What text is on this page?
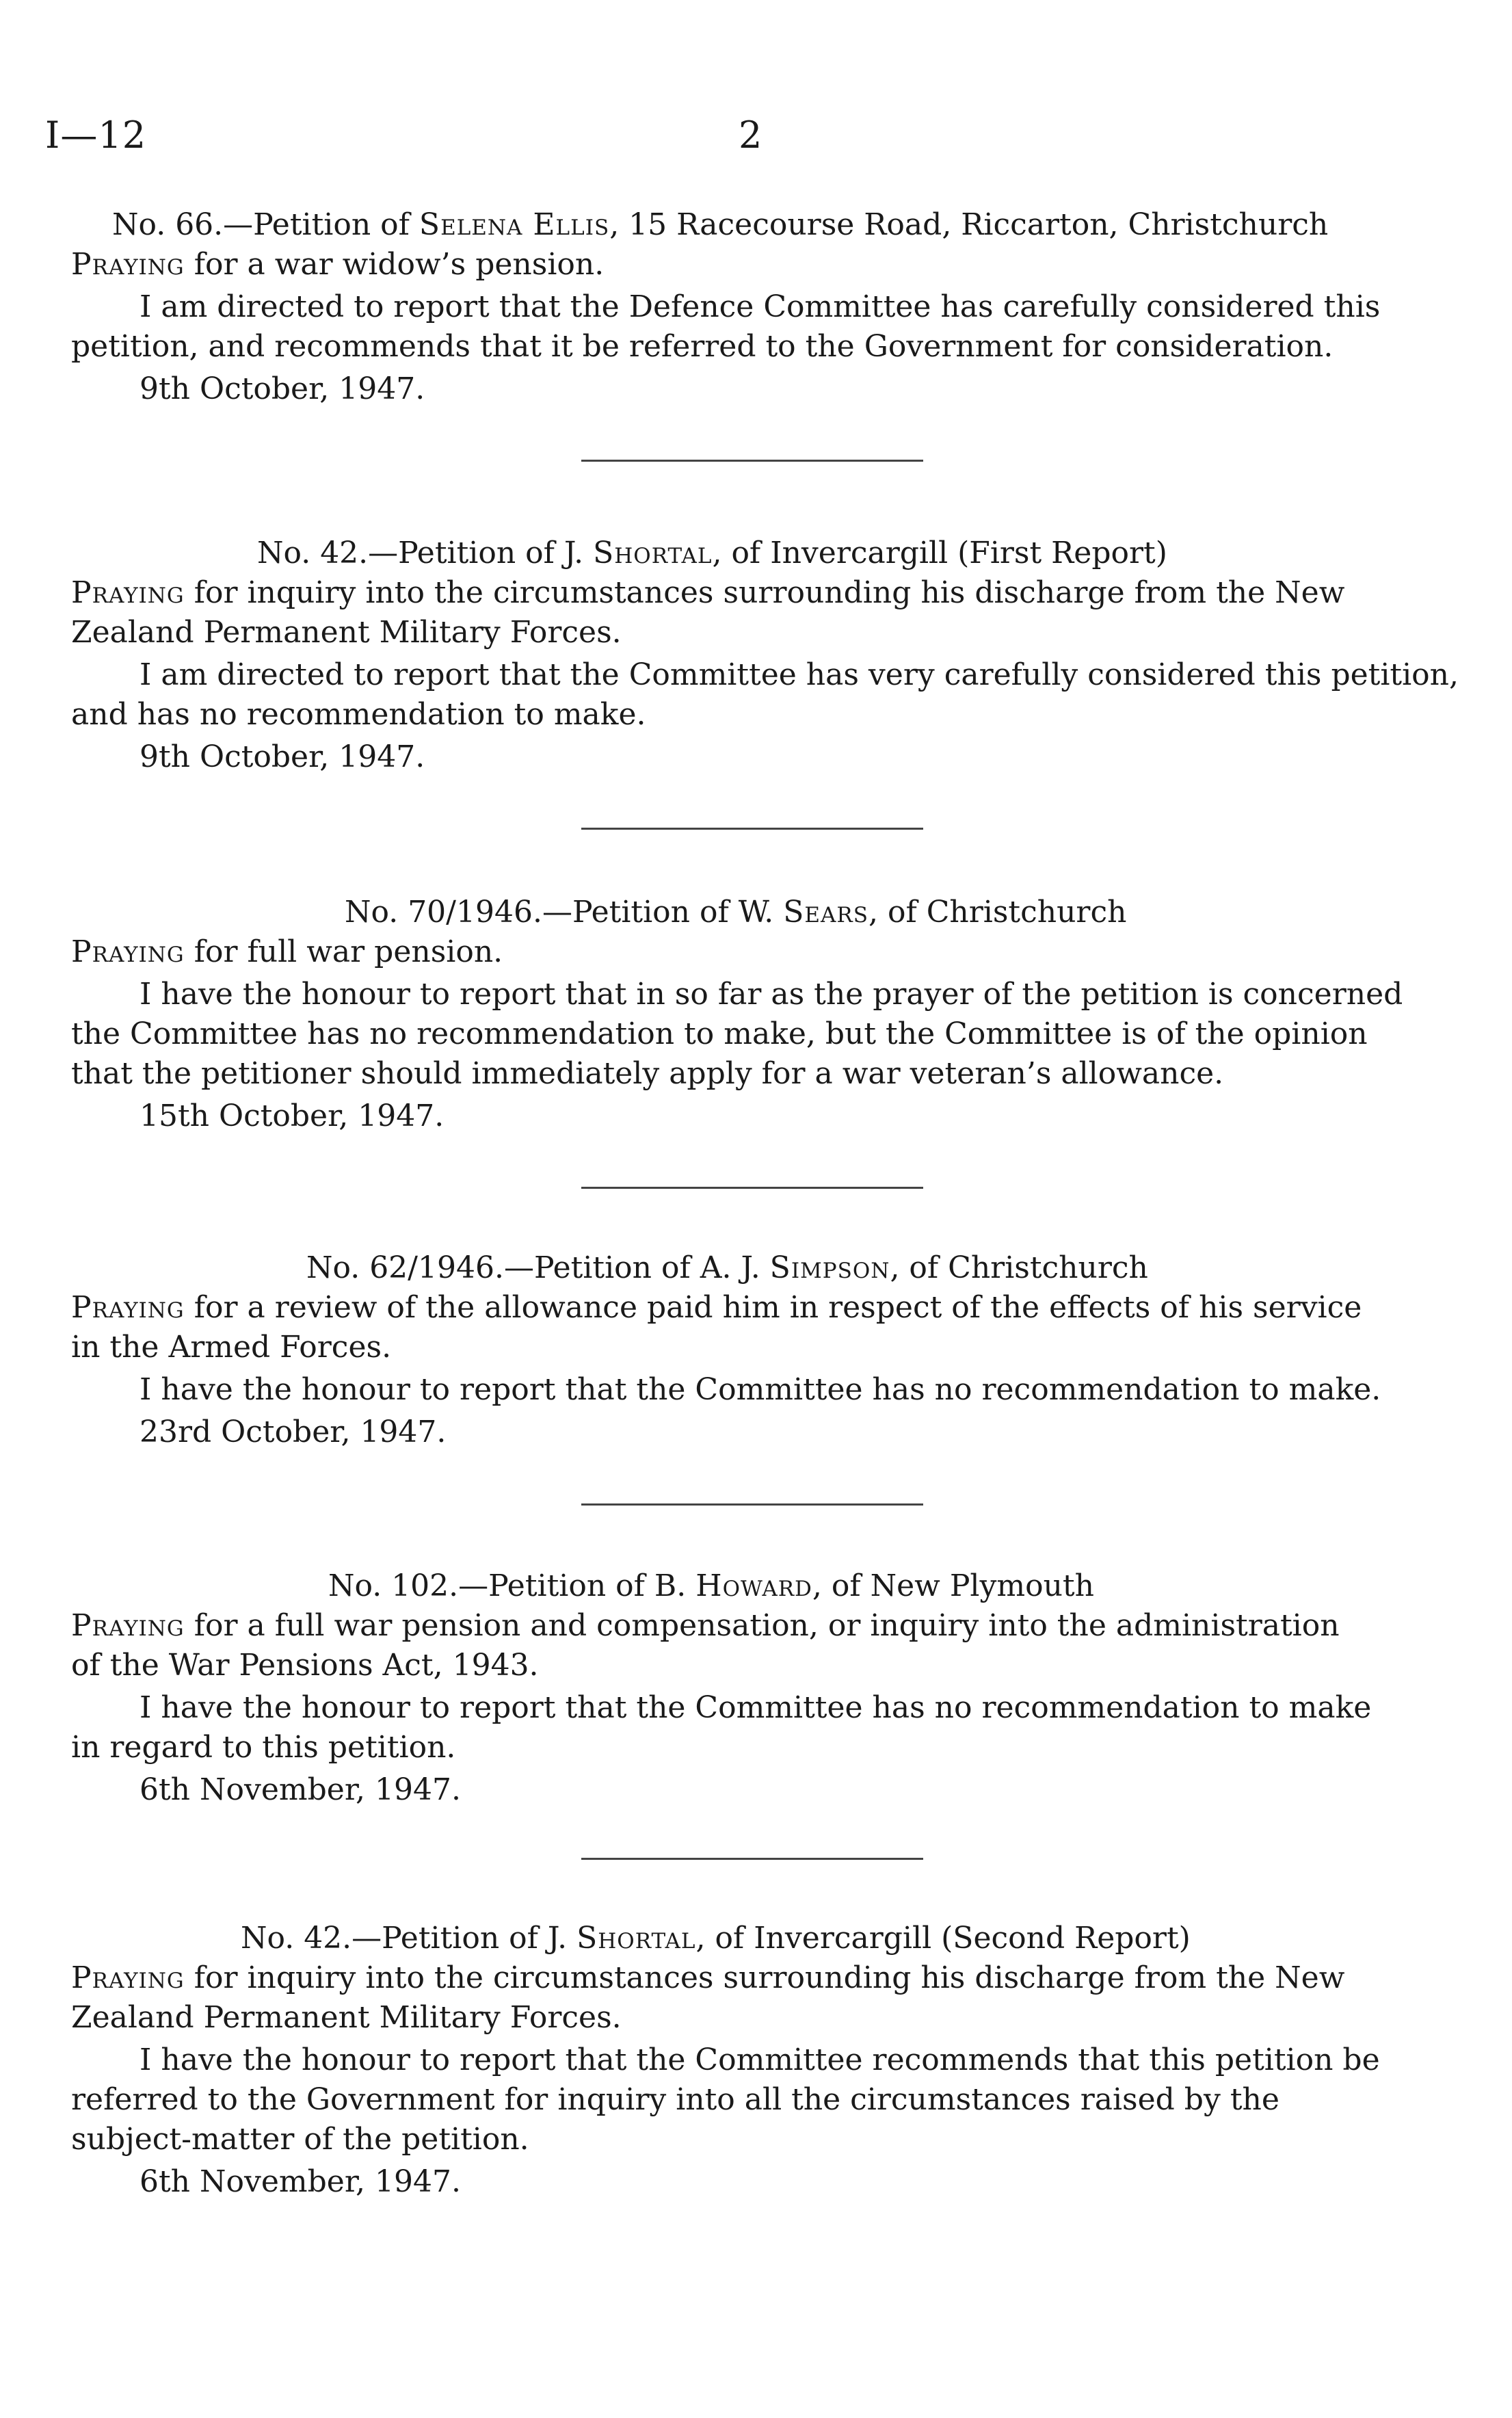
I—12	2
No. 66.—Petition of Selena Ellis, 15 Racecourse Road, Riccarton, Christchurch
Praying for a war widow’s pension.
I am directed to report that the Defence Committee has carefully considered this
petition, and recommends that it be referred to the Government for consideration.
9th October, 1947.
No. 42.—Petition of J. Shortal, of Invercargill (First Report)
Praying for inquiry into the circumstances surrounding his discharge from the New
Zealand Permanent Military Forces.
I am directed to report that the Committee has very carefully considered this petition,
and has no recommendation to make.
9th October, 1947.
No. 70/1946.—Petition of W. Sears, of Christchurch
Praying for full war pension.
I have the honour to report that in so far as the prayer of the petition is concerned
the Committee has no recommendation to make, but the Committee is of the opinion
that the petitioner should immediately apply for a war veteran’s allowance.
15th October, 1947.
No. 62/1946.—Petition of A. J. Simpson, of Christchurch
Praying for a review of the allowance paid him in respect of the effects of his service
in the Armed Forces.
I have the honour to report that the Committee has no recommendation to make.
23rd October, 1947.
No. 102.—Petition of B. Howard, of New Plymouth
Praying for a full war pension and compensation, or inquiry into the administration
of the War Pensions Act, 1943.
I have the honour to report that the Committee has no recommendation to make
in regard to this petition.
6th November, 1947.
No. 42.—Petition of J. Shortal, of Invercargill (Second Report)
Praying for inquiry into the circumstances surrounding his discharge from the New
Zealand Permanent Military Forces.
I have the honour to report that the Committee recommends that this petition be
referred to the Government for inquiry into all the circumstances raised by the
subject-matter of the petition.
6th November, 1947.
